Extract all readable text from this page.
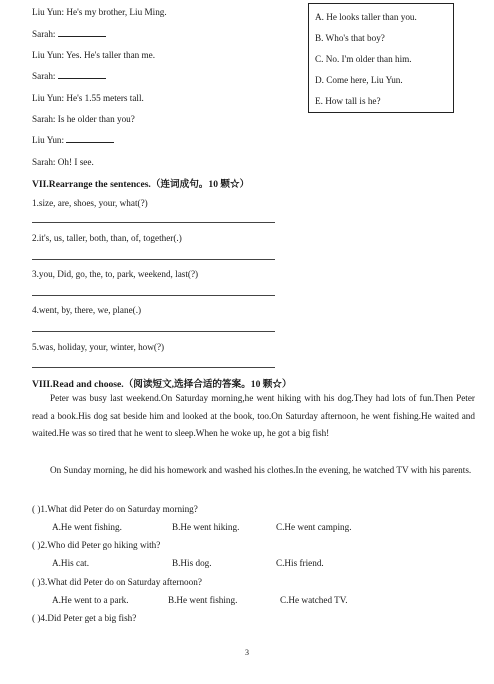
Liu Yun: He's my brother, Liu Ming.
Sarah:
Liu Yun: Yes. He's taller than me.
Sarah:
Liu Yun: He's 1.55 meters tall.
Sarah: Is he older than you?
Liu Yun:
Sarah: Oh! I see.
A. He looks taller than you.
B. Who's that boy?
C. No. I'm older than him.
D. Come here, Liu Yun.
E. How tall is he?
VII.Rearrange the sentences.（连词成句。10 颗☆）
1.size, are, shoes, your, what(?)
2.it's, us, taller, both, than, of, together(.)
3.you, Did, go, the, to, park, weekend, last(?)
4.went, by, there, we, plane(.)
5.was, holiday, your, winter, how(?)
VIII.Read and choose.（阅读短文,选择合适的答案。10 颗☆）
Peter was busy last weekend.On Saturday morning,he went hiking with his dog.They had lots of fun.Then Peter read a book.His dog sat beside him and looked at the book, too.On Saturday afternoon, he went fishing.He waited and waited.He was so tired that he went to sleep.When he woke up, he got a big fish!
On Sunday morning, he did his homework and washed his clothes.In the evening, he watched TV with his parents.
( )1.What did Peter do on Saturday morning?
A.He went fishing.	B.He went hiking.	C.He went camping.
( )2.Who did Peter go hiking with?
A.His cat.	B.His dog.	C.His friend.
( )3.What did Peter do on Saturday afternoon?
A.He went to a park.	B.He went fishing.	C.He watched TV.
( )4.Did Peter get a big fish?
3
